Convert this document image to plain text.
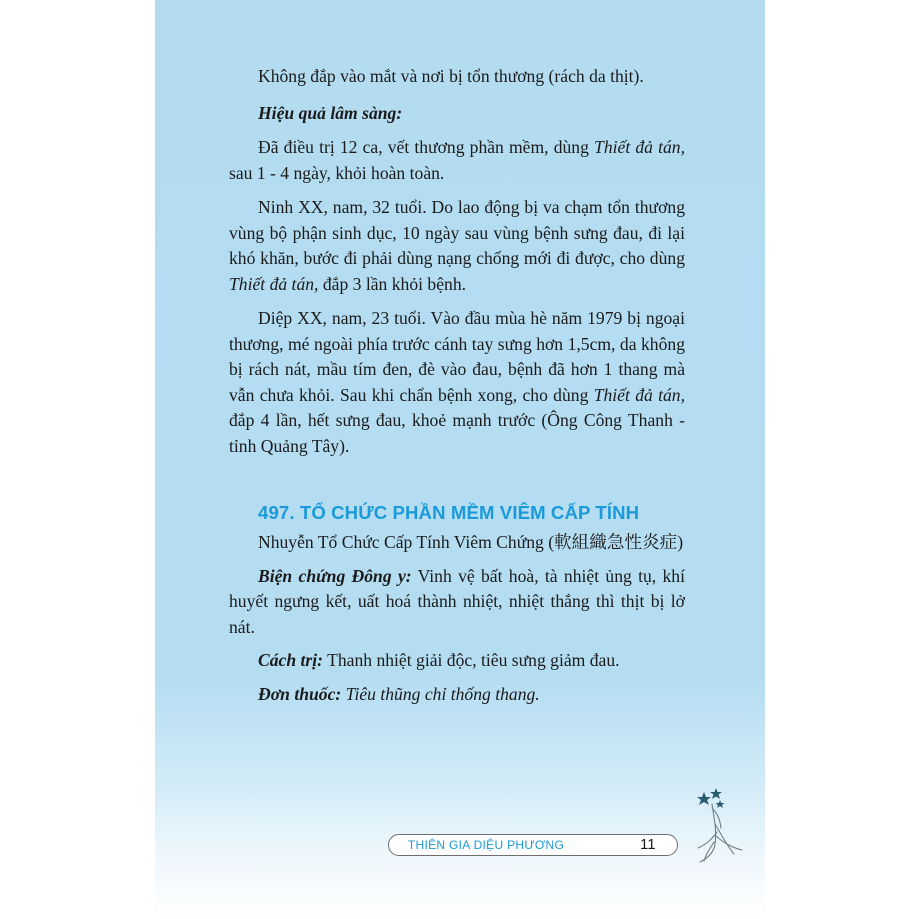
Không đắp vào mắt và nơi bị tổn thương (rách da thịt).

Hiệu quả lâm sàng:

Đã điều trị 12 ca, vết thương phần mềm, dùng Thiết đả tán, sau 1 - 4 ngày, khỏi hoàn toàn.

Ninh XX, nam, 32 tuổi. Do lao động bị va chạm tổn thương vùng bộ phận sinh dục, 10 ngày sau vùng bệnh sưng đau, đi lại khó khăn, bước đi phải dùng nạng chống mới đi được, cho dùng Thiết đả tán, đắp 3 lần khỏi bệnh.

Diệp XX, nam, 23 tuổi. Vào đầu mùa hè năm 1979 bị ngoại thương, mé ngoài phía trước cánh tay sưng hơn 1,5cm, da không bị rách nát, mầu tím đen, đè vào đau, bệnh đã hơn 1 thang mà vẫn chưa khỏi. Sau khi chẩn bệnh xong, cho dùng Thiết đả tán, đắp 4 lần, hết sưng đau, khoẻ mạnh trước (Ông Công Thanh - tỉnh Quảng Tây).

497. TỔ CHỨC PHẦN MỀM VIÊM CẤP TÍNH

Nhuyễn Tổ Chức Cấp Tính Viêm Chứng (軟組織急性炎症)

Biện chứng Đông y: Vinh vệ bất hoà, tà nhiệt ủng tụ, khí huyết ngưng kết, uất hoá thành nhiệt, nhiệt thắng thì thịt bị lở nát.

Cách trị: Thanh nhiệt giải độc, tiêu sưng giảm đau.

Đơn thuốc: Tiêu thũng chỉ thống thang.

THIÊN GIA DIỆU PHƯƠNG	11
